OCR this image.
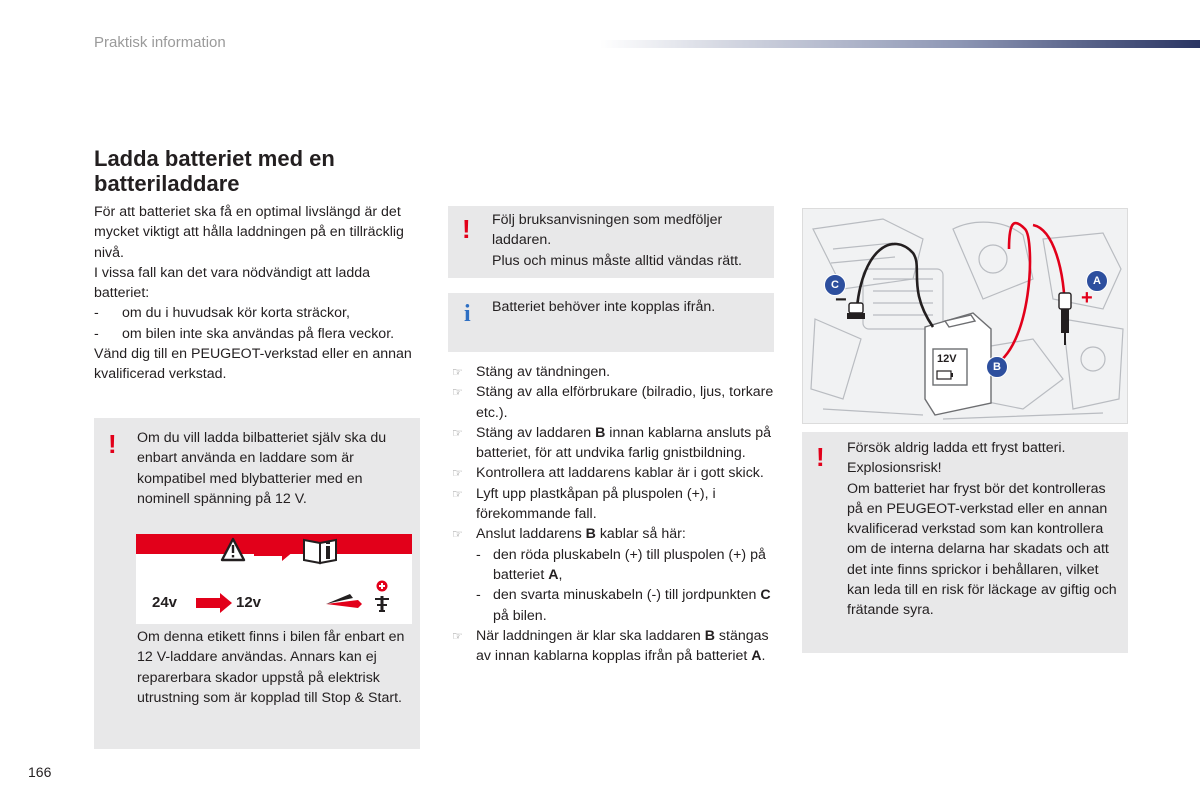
Praktisk information
Ladda batteriet med en batteriladdare
För att batteriet ska få en optimal livslängd är det mycket viktigt att hålla laddningen på en tillräcklig nivå.
I vissa fall kan det vara nödvändigt att ladda batteriet:
-	om du i huvudsak kör korta sträckor,
-	om bilen inte ska användas på flera veckor.
Vänd dig till en PEUGEOT-verkstad eller en annan kvalificerad verkstad.
! Om du vill ladda bilbatteriet själv ska du enbart använda en laddare som är kompatibel med blybatterier med en nominell spänning på 12 V.
24v	12v
Om denna etikett finns i bilen får enbart en 12 V-laddare användas. Annars kan ej reparerbara skador uppstå på elektrisk utrustning som är kopplad till Stop & Start.
! Följ bruksanvisningen som medföljer laddaren.
Plus och minus måste alltid vändas rätt.
i Batteriet behöver inte kopplas ifrån.
☞ Stäng av tändningen.
☞ Stäng av alla elförbrukare (bilradio, ljus, torkare etc.).
☞ Stäng av laddaren B innan kablarna ansluts på batteriet, för att undvika farlig gnistbildning.
☞ Kontrollera att laddarens kablar är i gott skick.
☞ Lyft upp plastkåpan på pluspolen (+), i förekommande fall.
☞ Anslut laddarens B kablar så här:
- den röda pluskabeln (+) till pluspolen (+) på batteriet A,
- den svarta minuskabeln (-) till jordpunkten C på bilen.
☞ När laddningen är klar ska laddaren B stängas av innan kablarna kopplas ifrån på batteriet A.
C	A
B
−	+
12V
! Försök aldrig ladda ett fryst batteri.
Explosionsrisk!
Om batteriet har fryst bör det kontrolleras på en PEUGEOT-verkstad eller en annan kvalificerad verkstad som kan kontrollera om de interna delarna har skadats och att det inte finns sprickor i behållaren, vilket kan leda till en risk för läckage av giftig och frätande syra.
166
